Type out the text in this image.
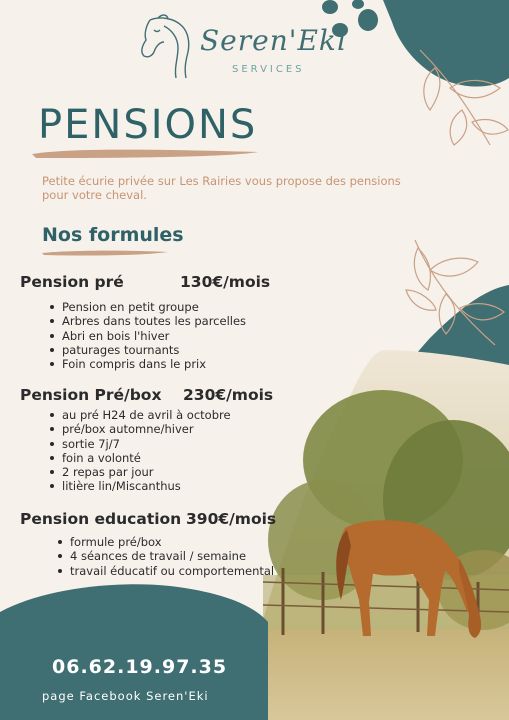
Seren'Eki
SERVICES
PENSIONS
Petite écurie privée sur Les Rairies vous propose des pensions pour votre cheval.
Nos formules
Pension pré	130€/mois
Pension en petit groupe
Arbres dans toutes les parcelles
Abri en bois l'hiver
paturages tournants
Foin compris dans le prix
Pension Pré/box 230€/mois
au pré H24 de avril à octobre
pré/box automne/hiver
sortie 7j/7
foin a volonté
2 repas par jour
litière lin/Miscanthus
Pension education 390€/mois
formule pré/box
4 séances de travail / semaine
travail éducatif ou comportemental
06.62.19.97.35
page Facebook Seren'Eki
